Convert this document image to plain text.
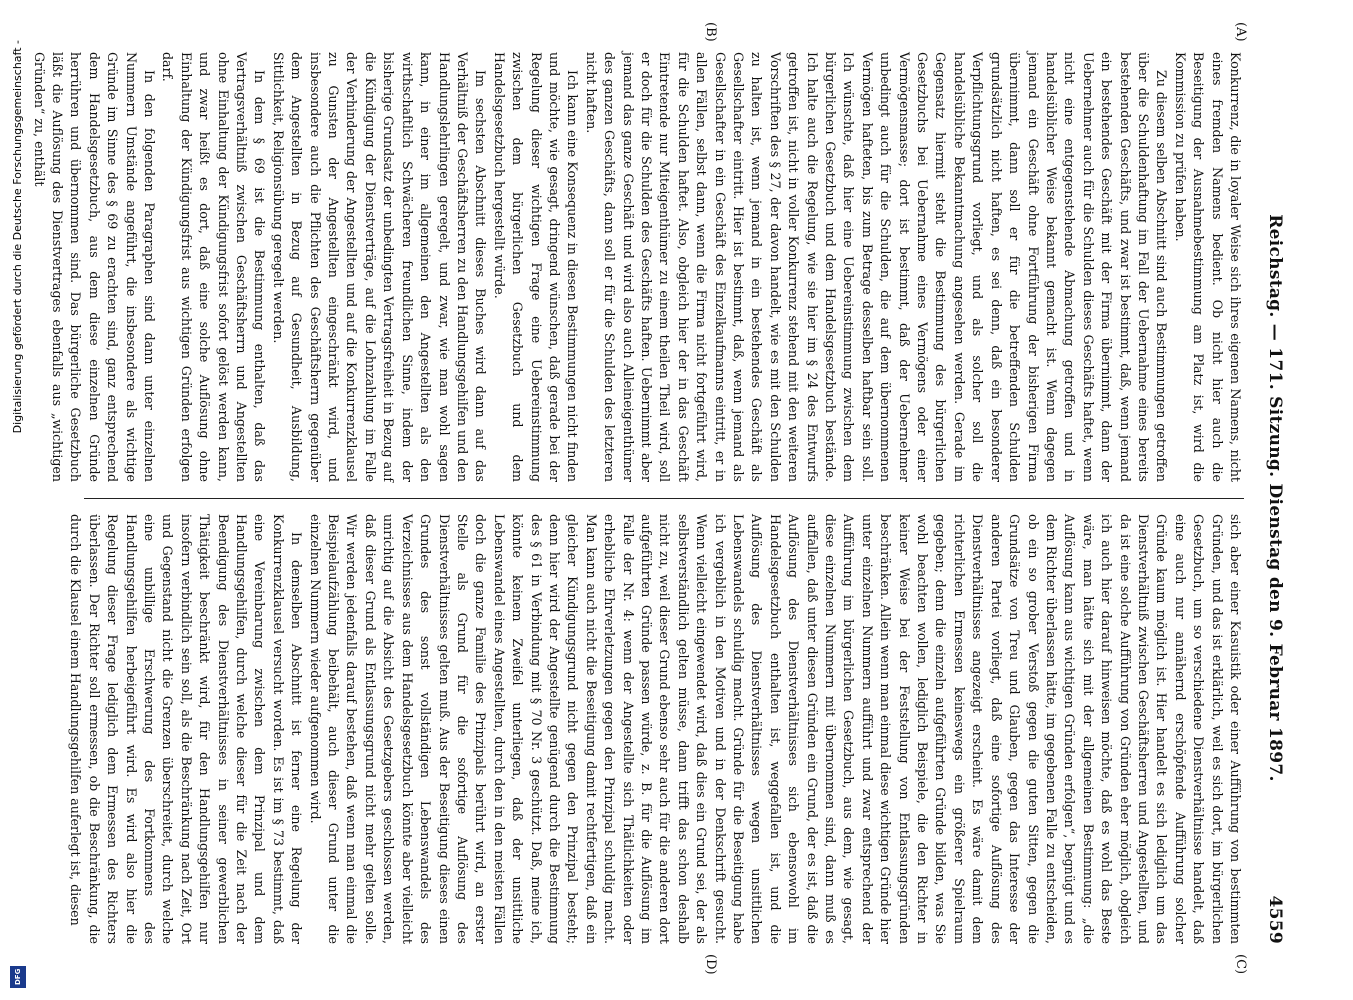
Reichstag. — 171. Sitzung. Dienstag den 9. Februar 1897.
4559
(A)
(B)
(C)
(D)

Konkurrenz, die in loyaler Weise sich ihres eigenen Namens, nicht eines fremden Namens bedient. Ob nicht hier auch die Beseitigung der Ausnahmebestimmung am Platz ist, wird die Kommission zu prüfen haben.

Zu diesem selben Abschnitt sind auch Bestimmungen getroffen über die Schuldenhaftung im Fall der Uebernahme eines bereits bestehenden Geschäfts, und zwar ist bestimmt, daß, wenn jemand ein bestehendes Geschäft mit der Firma übernimmt, dann der Uebernehmer auch für die Schulden dieses Geschäfts haftet, wenn nicht eine entgegenstehende Abmachung getroffen und in handelsüblicher Weise bekannt gemacht ist. Wenn dagegen jemand ein Geschäft ohne Fortführung der bisherigen Firma übernimmt, dann soll er für die betreffenden Schulden grundsätzlich nicht haften, es sei denn, daß ein besonderer Verpflichtungsgrund vorliegt, und als solcher soll die handelsübliche Bekanntmachung angesehen werden. Gerade im Gegensatz hiermit steht die Bestimmung des bürgerlichen Gesetzbuchs bei Uebernahme eines Vermögens oder einer Vermögensmasse; dort ist bestimmt, daß der Uebernehmer unbedingt auch für die Schulden, die auf dem übernommenen Vermögen hafteten, bis zum Betrage desselben haftbar sein soll. Ich wünschte, daß hier eine Uebereinstimmung zwischen dem bürgerlichen Gesetzbuch und dem Handelsgesetzbuch bestände. Ich halte auch die Regelung, wie sie hier im § 24 des Entwurfs getroffen ist, nicht in voller Konkurrenz stehend mit den weiteren Vorschriften des § 27, der davon handelt, wie es mit den Schulden zu halten ist, wenn jemand in ein bestehendes Geschäft als Gesellschafter eintritt. Hier ist bestimmt, daß, wenn jemand als Gesellschafter in ein Geschäft des Einzelkaufmanns eintritt, er in allen Fällen, selbst dann, wenn die Firma nicht fortgeführt wird, für die Schulden haftet. Also, obgleich hier der in das Geschäft Eintretende nur Miteigenthümer zu einem theilen Theil wird, soll er doch für die Schulden des Geschäfts haften. Uebernimmt aber jemand das ganze Geschäft und wird also auch Alleineigenthümer des ganzen Geschäfts, dann soll er für die Schulden des letzteren nicht haften.

Ich kann eine Konsequenz in diesen Bestimmungen nicht finden und möchte, wie gesagt, dringend wünschen, daß gerade bei der Regelung dieser wichtigen Frage eine Uebereinstimmung zwischen dem bürgerlichen Gesetzbuch und dem Handelsgesetzbuch hergestellt würde.

Im sechsten Abschnitt dieses Buches wird dann auf das Verhältniß der Geschäftsherren zu den Handlungsgehilfen und den Handlungslehrlingen geregelt, und zwar, wie man wohl sagen kann, in einer im allgemeinen den Angestellten als den wirthschaftlich Schwächeren freundlichen Sinne, indem der bisherige Grundsatz der unbedingten Vertragsfreiheit in Bezug auf die Kündigung der Dienstverträge, auf die Lohnzahlung im Falle der Verhinderung der Angestellten und auf die Konkurrenzklausel zu Gunsten der Angestellten eingeschränkt wird, und insbesondere auch die Pflichten des Geschäftsherrn gegenüber dem Angestellten in Bezug auf Gesundheit, Ausbildung, Sittlichkeit, Religionsübung geregelt werden.

In dem § 69 ist die Bestimmung enthalten, daß das Vertragsverhältniß zwischen Geschäftsherrn und Angestellten ohne Einhaltung der Kündigungsfrist sofort gelöst werden kann, und zwar heißt es dort, daß eine solche Auflösung ohne Einhaltung der Kündigungsfrist aus wichtigen Gründen erfolgen darf.

In den folgenden Paragraphen sind dann unter einzelnen Nummern Umstände angeführt, die insbesondere als wichtige Gründe im Sinne des § 69 zu erachten sind, ganz entsprechend dem Handelsgesetzbuch, aus dem diese einzelnen Gründe herrühren und übernommen sind. Das bürgerliche Gesetzbuch läßt die Auflösung des Dienstvertrages ebenfalls aus „wichtigen Gründen“ zu, enthält

sich aber einer Kasuistik oder einer Aufführung von bestimmten Gründen, und das ist erklärlich, weil es sich dort, im bürgerlichen Gesetzbuch, um so verschiedene Dienstverhältnisse handelt, daß eine auch nur annähernd erschöpfende Aufführung solcher Gründe kaum möglich ist. Hier handelt es sich lediglich um das Dienstverhältniß zwischen Geschäftsherren und Angestellten, und da ist eine solche Aufführung von Gründen eher möglich, obgleich ich auch hier darauf hinweisen möchte, daß es wohl das Beste wäre, man hätte sich mit der allgemeinen Bestimmung: „die Auflösung kann aus wichtigen Gründen erfolgen“, begnügt und es dem Richter überlassen hätte, im gegebenen Falle zu entscheiden, ob ein so grober Verstoß gegen die guten Sitten, gegen die Grundsätze von Treu und Glauben, gegen das Interesse der anderen Partei vorliegt, daß eine sofortige Auflösung des Dienstverhältnisses angezeigt erscheint. Es wäre damit dem richterlichen Ermessen keineswegs ein größerer Spielraum gegeben; denn die einzeln aufgeführten Gründe bilden, was Sie wohl beachten wollen, lediglich Beispiele, die den Richter in keiner Weise bei der Feststellung von Entlassungsgründen beschränken. Allein wenn man einmal diese wichtigen Gründe hier unter einzelnen Nummern aufführt und zwar entsprechend der Aufführung im bürgerlichen Gesetzbuch, aus dem, wie gesagt, diese einzelnen Nummern mit übernommen sind, dann muß es auffallen, daß unter diesen Gründen ein Grund, der es ist, daß die Auflösung des Dienstverhältnisses sich ebensowohl im Handelsgesetzbuch enthalten ist, weggefallen ist, und die Auflösung des Dienstverhältnisses wegen unsittlichen Lebenswandels schuldig macht. Gründe für die Beseitigung habe ich vergeblich in den Motiven und in der Denkschrift gesucht. Wenn vielleicht eingewendet wird, daß dies ein Grund sei, der als selbstverständlich gelten müsse, dann trifft das schon deshalb nicht zu, weil dieser Grund ebenso sehr auch für die anderen dort aufgeführten Gründe passen würde, z. B. für die Auflösung im Falle der Nr. 4: wenn der Angestellte sich Thätlichkeiten oder erhebliche Ehrverletzungen gegen den Prinzipal schuldig macht. Man kann auch nicht die Beseitigung damit rechtfertigen, daß ein gleicher Kündigungsgrund nicht gegen den Prinzipal besteht; denn hier wird der Angestellte genügend durch die Bestimmung des § 61 in Verbindung mit § 70 Nr. 3 geschützt. Daß, meine ich, könnte keinem Zweifel unterliegen, daß der unsittliche Lebenswandel eines Angestellten, durch den in den meisten Fällen doch die ganze Familie des Prinzipals berührt wird, an erster Stelle als Grund für die sofortige Auflösung des Dienstverhältnisses gelten muß. Aus der Beseitigung dieses einen Grundes des sonst vollständigen Lebenswandels des Verzeichnisses aus dem Handelsgesetzbuch könnte aber vielleicht unrichtig auf die Absicht des Gesetzgebers geschlossen werden, daß dieser Grund als Entlassungsgrund nicht mehr gelten solle. Wir werden jedenfalls darauf bestehen, daß wenn man einmal die Beispielaufzählung beibehält, auch dieser Grund unter die einzelnen Nummern wieder aufgenommen wird.

In demselben Abschnitt ist ferner eine Regelung der Konkurrenzklausel versucht worden. Es ist im § 73 bestimmt, daß eine Vereinbarung zwischen dem Prinzipal und dem Handlungsgehilfen, durch welche dieser für die Zeit nach der Beendigung des Dienstverhältnisses in seiner gewerblichen Thätigkeit beschränkt wird, für den Handlungsgehilfen nur insofern verbindlich sein soll, als die Beschränkung nach Zeit, Ort und Gegenstand nicht die Grenzen überschreitet, durch welche eine unbillige Erschwerung des Fortkommens des Handlungsgehilfen herbeigeführt wird. Es wird also hier die Regelung dieser Frage lediglich dem Ermessen des Richters überlassen. Der Richter soll ermessen, ob die Beschränkung, die durch die Klausel einem Handlungsgehilfen auferlegt ist, diesen

Digitalisierung gefördert durch die Deutsche Forschungsgemeinschaft -
DFG
